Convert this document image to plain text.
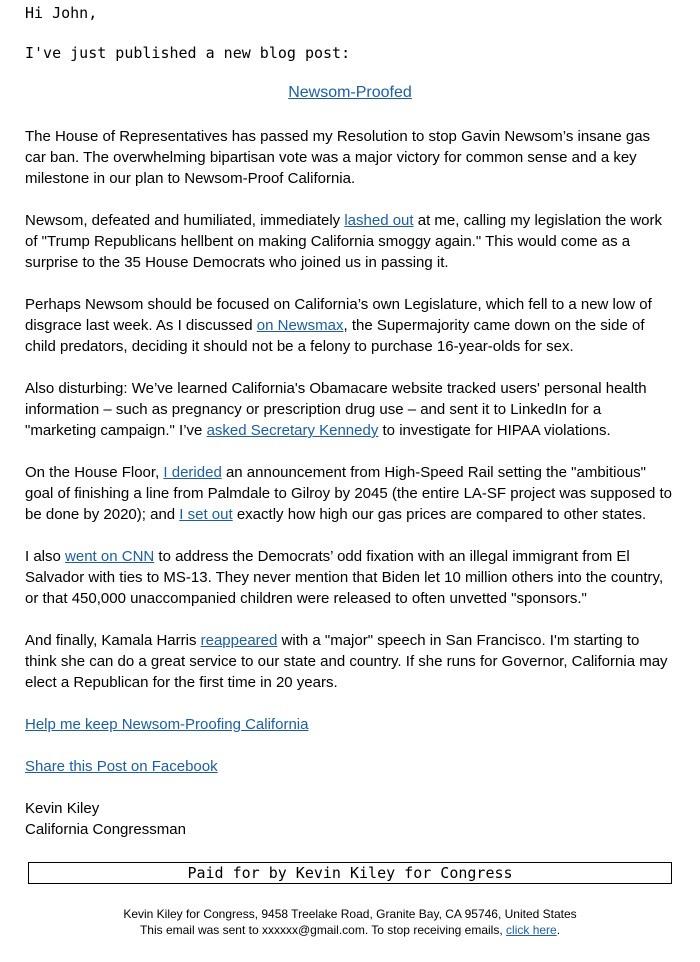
Hi John,
I've just published a new blog post:
Newsom-Proofed

The House of Representatives has passed my Resolution to stop Gavin Newsom’s insane gas car ban. The overwhelming bipartisan vote was a major victory for common sense and a key milestone in our plan to Newsom-Proof California.

Newsom, defeated and humiliated, immediately lashed out at me, calling my legislation the work of "Trump Republicans hellbent on making California smoggy again." This would come as a surprise to the 35 House Democrats who joined us in passing it.

Perhaps Newsom should be focused on California’s own Legislature, which fell to a new low of disgrace last week. As I discussed on Newsmax, the Supermajority came down on the side of child predators, deciding it should not be a felony to purchase 16-year-olds for sex.

Also disturbing: We’ve learned California's Obamacare website tracked users' personal health information – such as pregnancy or prescription drug use – and sent it to LinkedIn for a "marketing campaign." I’ve asked Secretary Kennedy to investigate for HIPAA violations.

On the House Floor, I derided an announcement from High-Speed Rail setting the "ambitious" goal of finishing a line from Palmdale to Gilroy by 2045 (the entire LA-SF project was supposed to be done by 2020); and I set out exactly how high our gas prices are compared to other states.

I also went on CNN to address the Democrats’ odd fixation with an illegal immigrant from El Salvador with ties to MS-13. They never mention that Biden let 10 million others into the country, or that 450,000 unaccompanied children were released to often unvetted "sponsors."

And finally, Kamala Harris reappeared with a "major" speech in San Francisco. I'm starting to think she can do a great service to our state and country. If she runs for Governor, California may elect a Republican for the first time in 20 years.

Help me keep Newsom-Proofing California
Share this Post on Facebook
Kevin Kiley
California Congressman
Paid for by Kevin Kiley for Congress
Kevin Kiley for Congress, 9458 Treelake Road, Granite Bay, CA 95746, United States
This email was sent to xxxxxx@gmail.com. To stop receiving emails, click here.
